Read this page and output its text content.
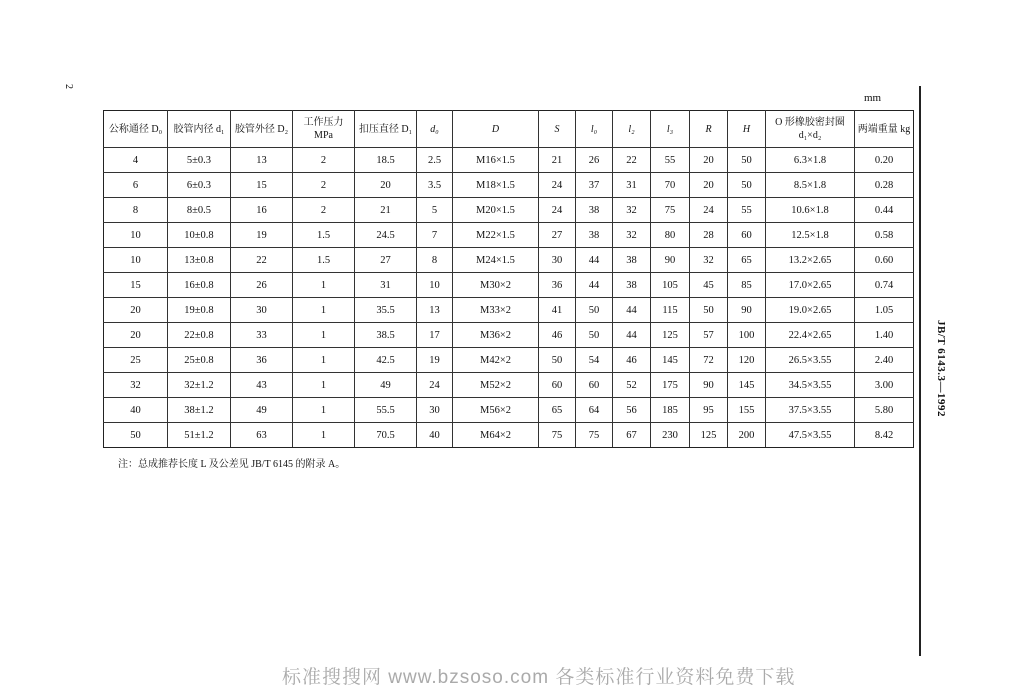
2
mm
JB/T 6143.3—1992
公称通径 D₀	胶管内径 d₁	胶管外径 D₂	工作压力 MPa	扣压直径 D₁	d₀	D	S	l₀	l₂	l₃	R	H	O 形橡胶密封圈 d₁×d₂	两端重量 kg
4	5±0.3	13	2	18.5	2.5	M16×1.5	21	26	22	55	20	50	6.3×1.8	0.20
6	6±0.3	15	2	20	3.5	M18×1.5	24	37	31	70	20	50	8.5×1.8	0.28
8	8±0.5	16	2	21	5	M20×1.5	24	38	32	75	24	55	10.6×1.8	0.44
10	10±0.8	19	1.5	24.5	7	M22×1.5	27	38	32	80	28	60	12.5×1.8	0.58
10	13±0.8	22	1.5	27	8	M24×1.5	30	44	38	90	32	65	13.2×2.65	0.60
15	16±0.8	26	1	31	10	M30×2	36	44	38	105	45	85	17.0×2.65	0.74
20	19±0.8	30	1	35.5	13	M33×2	41	50	44	115	50	90	19.0×2.65	1.05
20	22±0.8	33	1	38.5	17	M36×2	46	50	44	125	57	100	22.4×2.65	1.40
25	25±0.8	36	1	42.5	19	M42×2	50	54	46	145	72	120	26.5×3.55	2.40
32	32±1.2	43	1	49	24	M52×2	60	60	52	175	90	145	34.5×3.55	3.00
40	38±1.2	49	1	55.5	30	M56×2	65	64	56	185	95	155	37.5×3.55	5.80
50	51±1.2	63	1	70.5	40	M64×2	75	75	67	230	125	200	47.5×3.55	8.42
注：总成推荐长度 L 及公差见 JB/T 6145 的附录 A。
标准搜搜网 www.bzsoso.com 各类标准行业资料免费下载
